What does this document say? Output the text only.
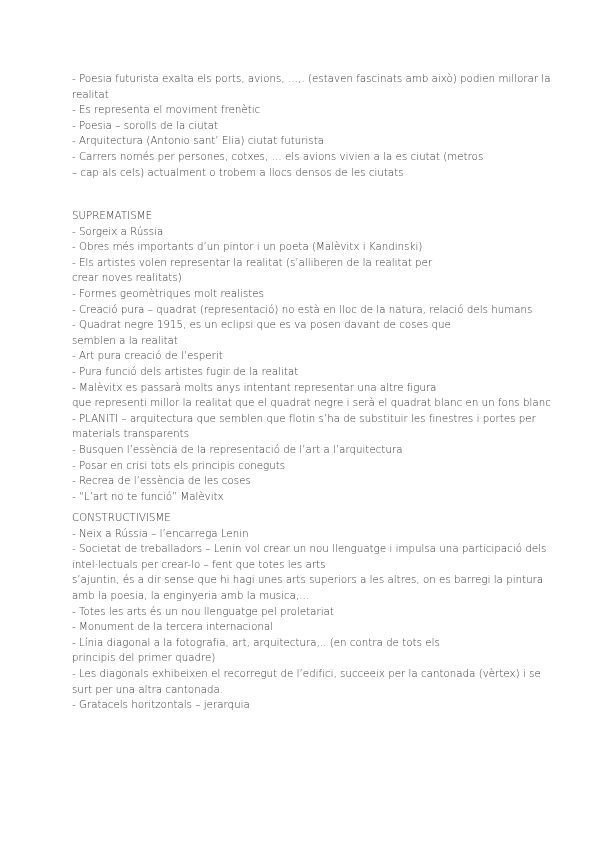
- Poesia futurista exalta els ports, avions, …,. (estaven fascinats amb això) podien millorar la
realitat
- Es representa el moviment frenètic
- Poesia – sorolls de la ciutat
- Arquitectura (Antonio sant’ Elia) ciutat futurista
- Carrers només per persones, cotxes, … els avions vivien a la es ciutat (metros
– cap als cels) actualment o trobem a llocs densos de les ciutats
SUPREMATISME
- Sorgeix a Rússia
- Obres més importants d’un pintor i un poeta (Malèvitx i Kandinski)
- Els artistes volen representar la realitat (s’alliberen de la realitat per
crear noves realitats)
- Formes geomètriques molt realistes
- Creació pura – quadrat (representació) no està en lloc de la natura, relació dels humans
- Quadrat negre 1915, es un eclipsi que es va posen davant de coses que
semblen a la realitat
- Art pura creació de l’esperit
- Pura funció dels artistes fugir de la realitat
- Malèvitx es passarà molts anys intentant representar una altre figura
que representi millor la realitat que el quadrat negre i serà el quadrat blanc en un fons blanc
- PLANITI – arquitectura que semblen que flotin s’ha de substituir les finestres i portes per
materials transparents
- Busquen l’essència de la representació de l’art a l’arquitectura
- Posar en crisi tots els principis coneguts
- Recrea de l’essència de les coses
- “L’art no te funció” Malèvitx
CONSTRUCTIVISME
- Neix a Rússia – l’encarrega Lenin
- Societat de treballadors – Lenin vol crear un nou llenguatge i impulsa una participació dels
intel·lectuals per crear-lo – fent que totes les arts
s’ajuntin, és a dir sense que hi hagi unes arts superiors a les altres, on es barregi la pintura
amb la poesia, la enginyeria amb la musica,…
- Totes les arts és un nou llenguatge pel proletariat
- Monument de la tercera internacional
- Línia diagonal a la fotografia, art, arquitectura,.. (en contra de tots els
principis del primer quadre)
- Les diagonals exhibeixen el recorregut de l’edifici, succeeix per la cantonada (vèrtex) i se
surt per una altra cantonada.
- Gratacels horitzontals – jerarquia
